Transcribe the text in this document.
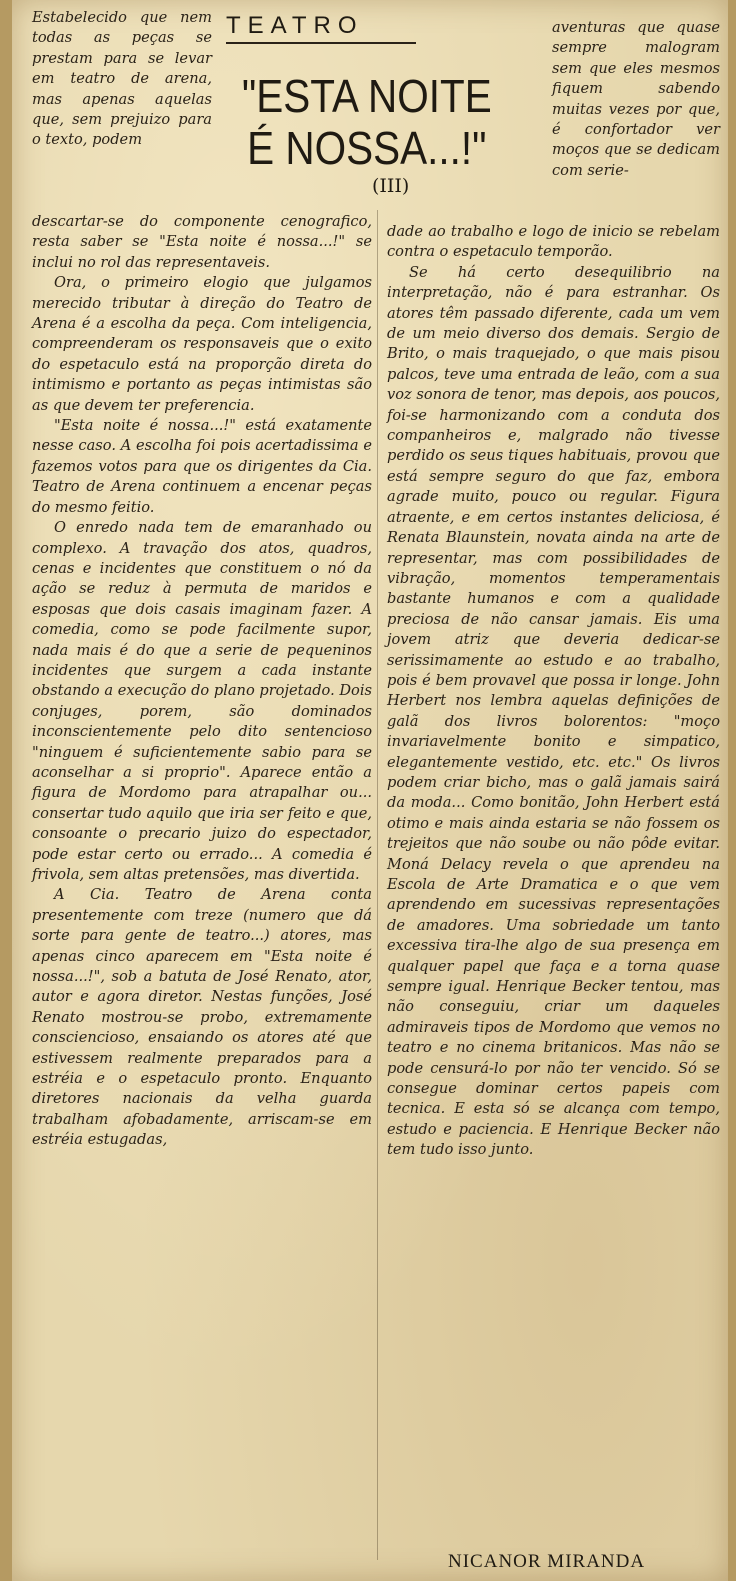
Estabelecido que nem todas as peças se prestam para se levar em teatro de arena, mas apenas aquelas que, sem prejuizo para o texto, podem

TEATRO
"ESTA NOITE É NOSSA...!"
(III)

aventuras que quase sempre malogram sem que eles mesmos fiquem sabendo muitas vezes por que, é confortador ver moços que se dedicam com serie-

descartar-se do componente cenografico, resta saber se "Esta noite é nossa...!" se inclui no rol das representaveis.

Ora, o primeiro elogio que julgamos merecido tributar à direção do Teatro de Arena é a escolha da peça. Com inteligencia, compreenderam os responsaveis que o exito do espetaculo está na proporção direta do intimismo e portanto as peças intimistas são as que devem ter preferencia.

"Esta noite é nossa...!" está exatamente nesse caso. A escolha foi pois acertadissima e fazemos votos para que os dirigentes da Cia. Teatro de Arena continuem a encenar peças do mesmo feitio.

O enredo nada tem de emaranhado ou complexo. A travação dos atos, quadros, cenas e incidentes que constituem o nó da ação se reduz à permuta de maridos e esposas que dois casais imaginam fazer. A comedia, como se pode facilmente supor, nada mais é do que a serie de pequeninos incidentes que surgem a cada instante obstando a execução do plano projetado. Dois conjuges, porem, são dominados inconscientemente pelo dito sentencioso "ninguem é suficientemente sabio para se aconselhar a si proprio". Aparece então a figura de Mordomo para atrapalhar ou... consertar tudo aquilo que iria ser feito e que, consoante o precario juizo do espectador, pode estar certo ou errado... A comedia é frivola, sem altas pretensões, mas divertida.

A Cia. Teatro de Arena conta presentemente com treze (numero que dá sorte para gente de teatro...) atores, mas apenas cinco aparecem em "Esta noite é nossa...!", sob a batuta de José Renato, ator, autor e agora diretor. Nestas funções, José Renato mostrou-se probo, extremamente consciencioso, ensaiando os atores até que estivessem realmente preparados para a estréia e o espetaculo pronto. Enquanto diretores nacionais da velha guarda trabalham afobadamente, arriscam-se em estréia estugadas,

dade ao trabalho e logo de inicio se rebelam contra o espetaculo temporão.

Se há certo desequilibrio na interpretação, não é para estranhar. Os atores têm passado diferente, cada um vem de um meio diverso dos demais. Sergio de Brito, o mais traquejado, o que mais pisou palcos, teve uma entrada de leão, com a sua voz sonora de tenor, mas depois, aos poucos, foi-se harmonizando com a conduta dos companheiros e, malgrado não tivesse perdido os seus tiques habituais, provou que está sempre seguro do que faz, embora agrade muito, pouco ou regular. Figura atraente, e em certos instantes deliciosa, é Renata Blaunstein, novata ainda na arte de representar, mas com possibilidades de vibração, momentos temperamentais bastante humanos e com a qualidade preciosa de não cansar jamais. Eis uma jovem atriz que deveria dedicar-se serissimamente ao estudo e ao trabalho, pois é bem provavel que possa ir longe. John Herbert nos lembra aquelas definições de galã dos livros bolorentos: "moço invariavelmente bonito e simpatico, elegantemente vestido, etc. etc." Os livros podem criar bicho, mas o galã jamais sairá da moda... Como bonitão, John Herbert está otimo e mais ainda estaria se não fossem os trejeitos que não soube ou não pôde evitar. Moná Delacy revela o que aprendeu na Escola de Arte Dramatica e o que vem aprendendo em sucessivas representações de amadores. Uma sobriedade um tanto excessiva tira-lhe algo de sua presença em qualquer papel que faça e a torna quase sempre igual. Henrique Becker tentou, mas não conseguiu, criar um daqueles admiraveis tipos de Mordomo que vemos no teatro e no cinema britanicos. Mas não se pode censurá-lo por não ter vencido. Só se consegue dominar certos papeis com tecnica. E esta só se alcança com tempo, estudo e paciencia. E Henrique Becker não tem tudo isso junto.

NICANOR MIRANDA
